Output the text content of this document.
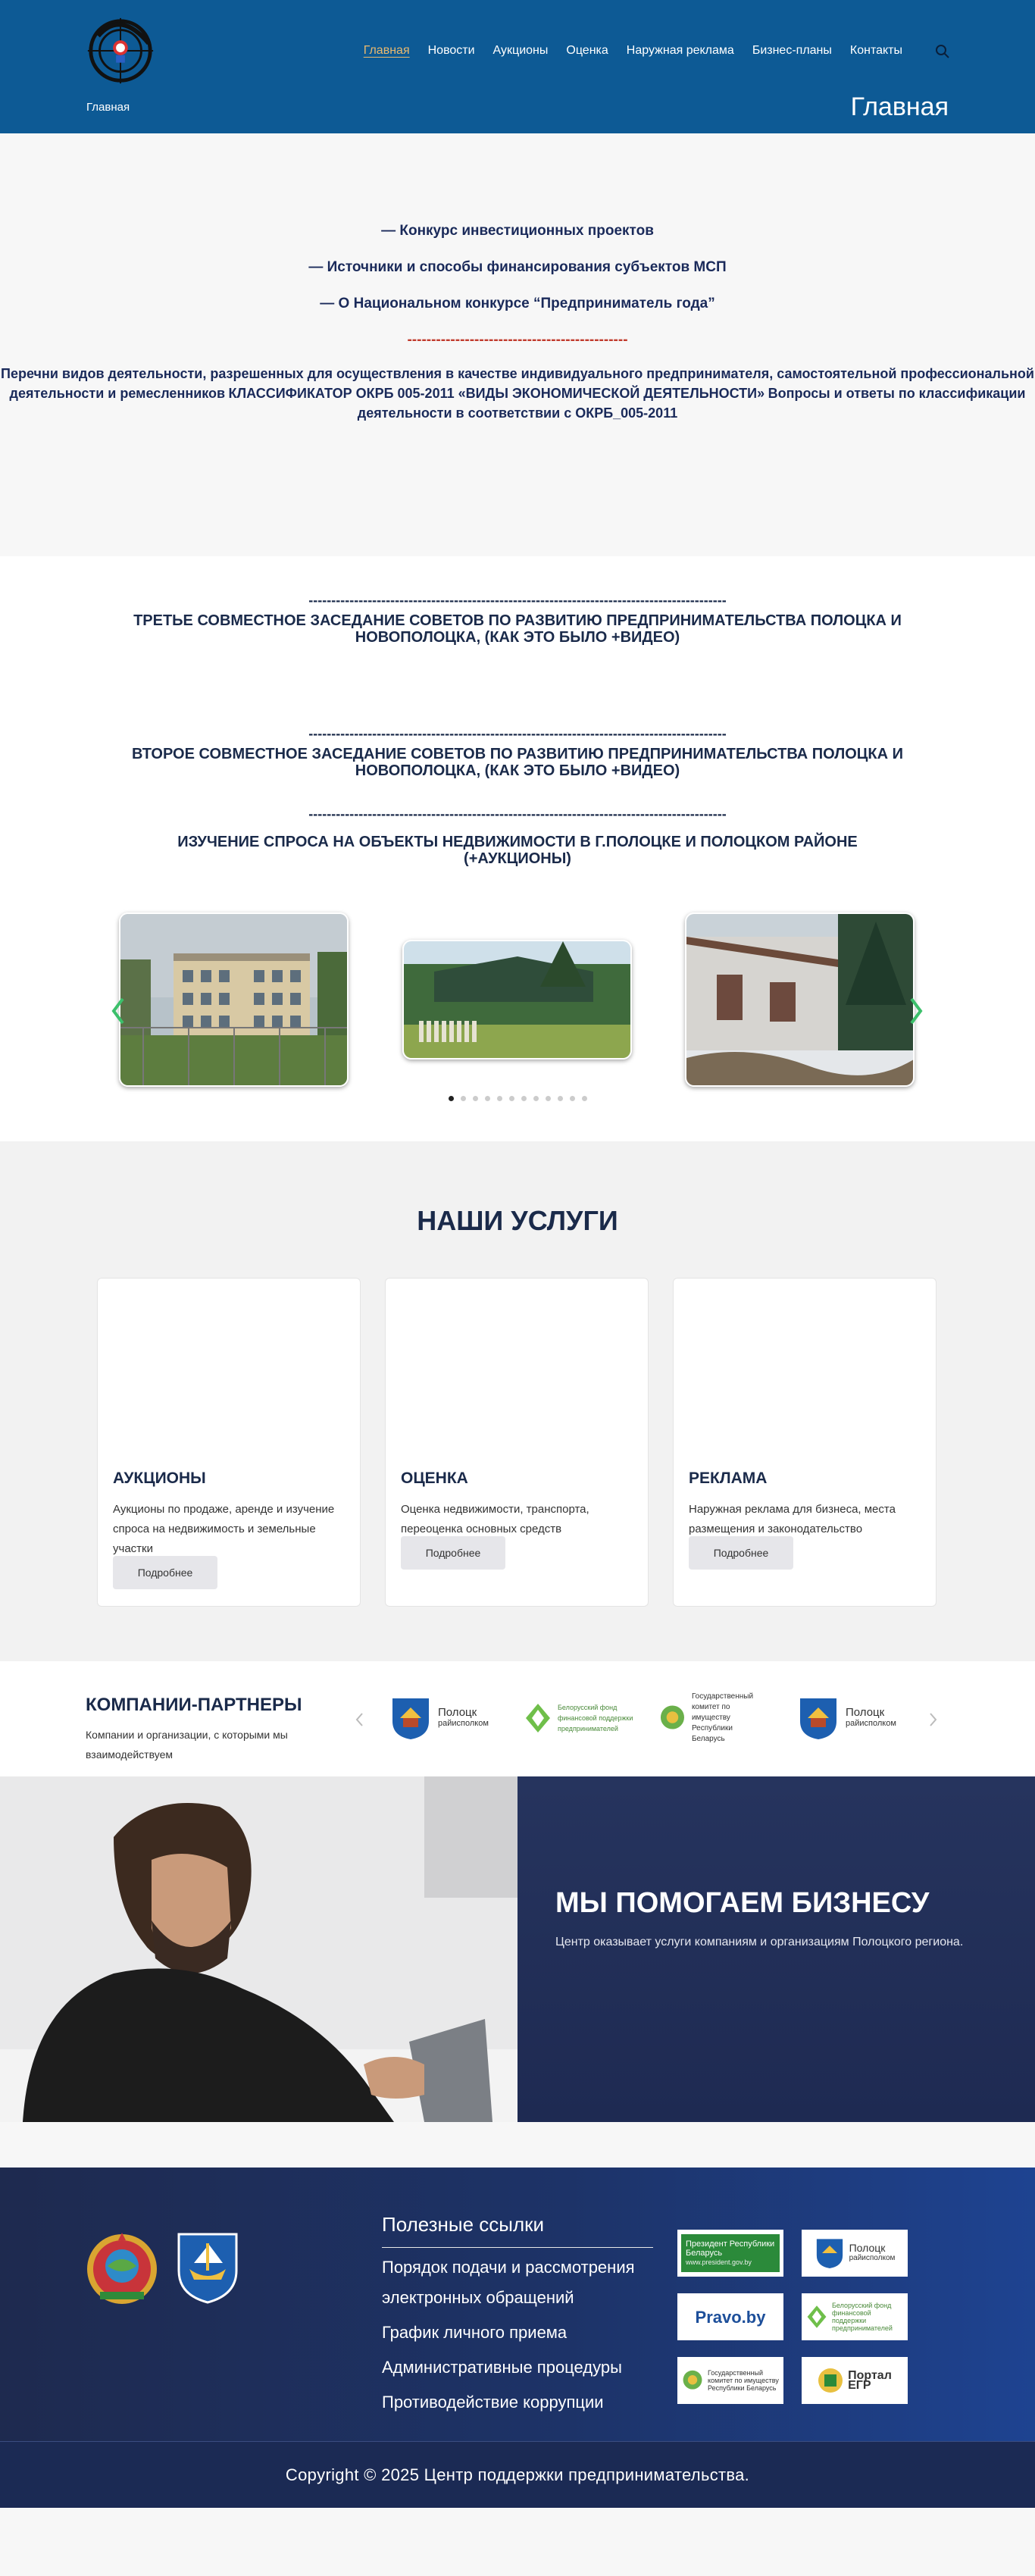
Главная
Главная Новости Аукционы Оценка Наружная реклама Бизнес-планы Контакты
Главная
— Конкурс инвестиционных проектов
— Источники и способы финансирования субъектов МСП
— О Национальном конкурсе “Предприниматель года”
----------------------------------------------
Перечни видов деятельности, разрешенных для осуществления в качестве индивидуального предпринимателя, самостоятельной профессиональной деятельности и ремесленников КЛАССИФИКАТОР ОКРБ 005-2011 «ВИДЫ ЭКОНОМИЧЕСКОЙ ДЕЯТЕЛЬНОСТИ» Вопросы и ответы по классификации деятельности в соответствии с ОКРБ_005-2011
--------------------------------------------------------------------------------------------
ТРЕТЬЕ СОВМЕСТНОЕ ЗАСЕДАНИЕ СОВЕТОВ ПО РАЗВИТИЮ ПРЕДПРИНИМАТЕЛЬСТВА ПОЛОЦКА И НОВОПОЛОЦКА, (КАК ЭТО БЫЛО +ВИДЕО)
--------------------------------------------------------------------------------------------
ВТОРОЕ СОВМЕСТНОЕ ЗАСЕДАНИЕ СОВЕТОВ ПО РАЗВИТИЮ ПРЕДПРИНИМАТЕЛЬСТВА ПОЛОЦКА И НОВОПОЛОЦКА, (КАК ЭТО БЫЛО +ВИДЕО)
--------------------------------------------------------------------------------------------
ИЗУЧЕНИЕ СПРОСА НА ОБЪЕКТЫ НЕДВИЖИМОСТИ В Г.ПОЛОЦКЕ И ПОЛОЦКОМ РАЙОНЕ (+АУКЦИОНЫ)
НАШИ УСЛУГИ
АУКЦИОНЫ

Аукционы по продаже, аренде и изучение спроса на недвижимость и земельные участки

Подробнее
ОЦЕНКА

Оценка недвижимости, транспорта, переоценка основных средств

Подробнее
РЕКЛАМА

Наружная реклама для бизнеса, места размещения и законодательство

Подробнее
КОМПАНИИ-ПАРТНЕРЫ

Компании и организации, с которыми мы взаимодействуем

Полоцк
райисполком
Белорусский фонд финансовой поддержки предпринимателей
Государственный комитет по имуществу Республики Беларусь
Полоцк
райисполком
МЫ ПОМОГАЕМ БИЗНЕСУ

Центр оказывает услуги компаниям и организациям Полоцкого региона.

Полезные ссылки
Порядок подачи и рассмотрения электронных обращений
График личного приема
Административные процедуры
Противодействие коррупции
Президент Республики Беларусь
www.president.gov.by
Полоцк
райисполком
Pravo.by
Белорусский фонд финансовой поддержки предпринимателей
Государственный комитет по имуществу Республики Беларусь
Портал
ЕГР
Copyright © 2025 Центр поддержки предпринимательства.
